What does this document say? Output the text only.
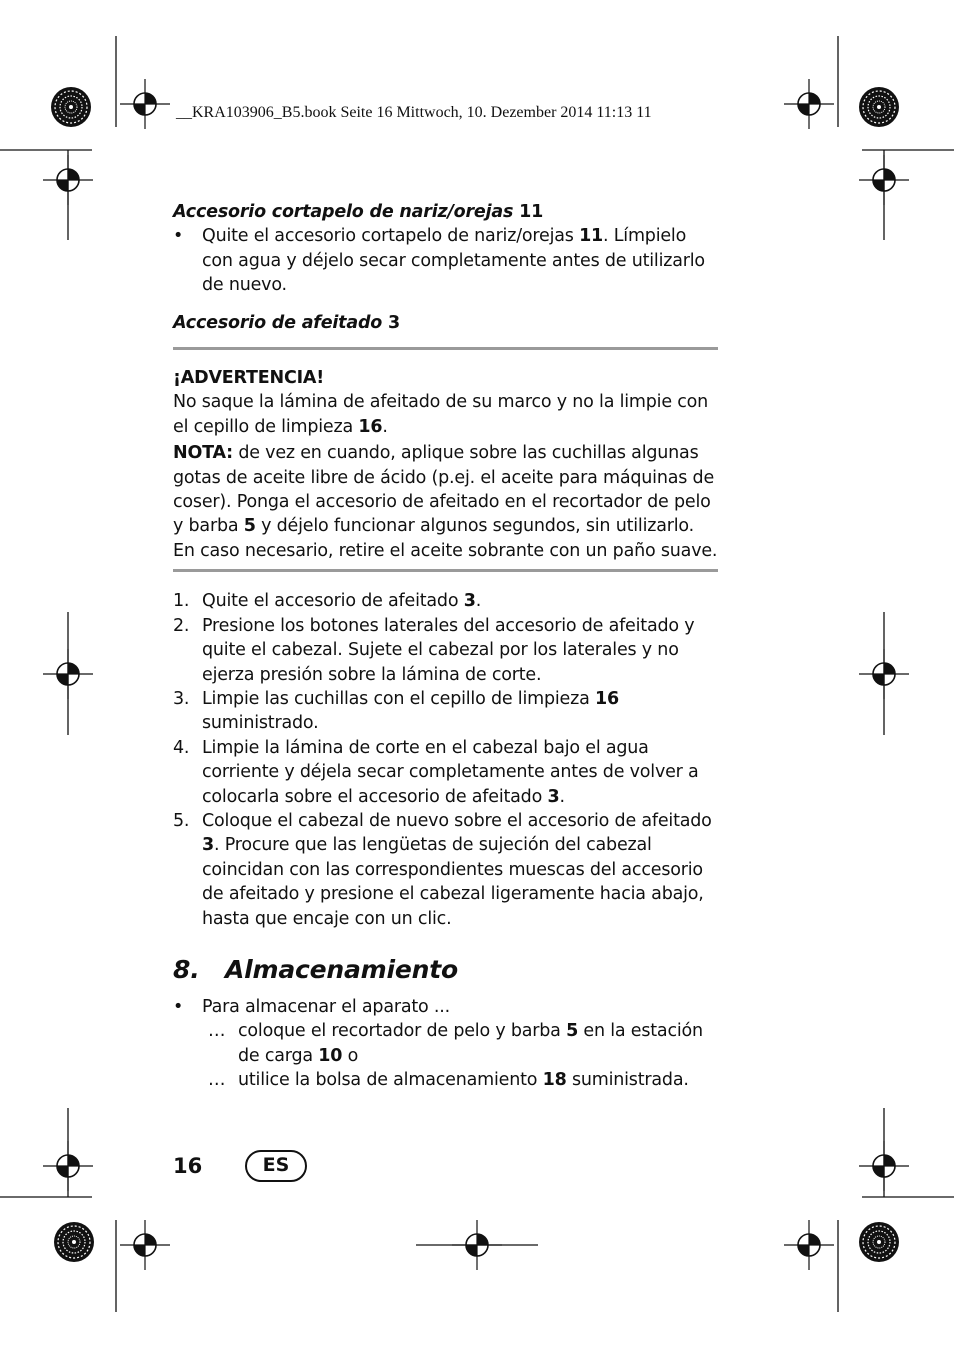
__KRA103906_B5.book Seite 16 Mittwoch, 10. Dezember 2014 11:13 11

Accesorio cortapelo de nariz/orejas 11

• Quite el accesorio cortapelo de nariz/orejas 11. Límpielo con agua y déjelo secar completamente antes de utilizarlo de nuevo.

Accesorio de afeitado 3

¡ADVERTENCIA!

No saque la lámina de afeitado de su marco y no la limpie con el cepillo de limpieza 16.

NOTA: de vez en cuando, aplique sobre las cuchillas algunas gotas de aceite libre de ácido (p.ej. el aceite para máquinas de coser). Ponga el accesorio de afeitado en el recortador de pelo y barba 5 y déjelo funcionar algunos segundos, sin utilizarlo. En caso necesario, retire el aceite sobrante con un paño suave.

1. Quite el accesorio de afeitado 3.
2. Presione los botones laterales del accesorio de afeitado y quite el cabezal. Sujete el cabezal por los laterales y no ejerza presión sobre la lámina de corte.
3. Limpie las cuchillas con el cepillo de limpieza 16 suministrado.
4. Limpie la lámina de corte en el cabezal bajo el agua corriente y déjela secar completamente antes de volver a colocarla sobre el accesorio de afeitado 3.
5. Coloque el cabezal de nuevo sobre el accesorio de afeitado 3. Procure que las lengüetas de sujeción del cabezal coincidan con las correspondientes muescas del accesorio de afeitado y presione el cabezal ligeramente hacia abajo, hasta que encaje con un clic.

8. Almacenamiento

• Para almacenar el aparato ...

… coloque el recortador de pelo y barba 5 en la estación de carga 10 o
… utilice la bolsa de almacenamiento 18 suministrada.
16	ES
